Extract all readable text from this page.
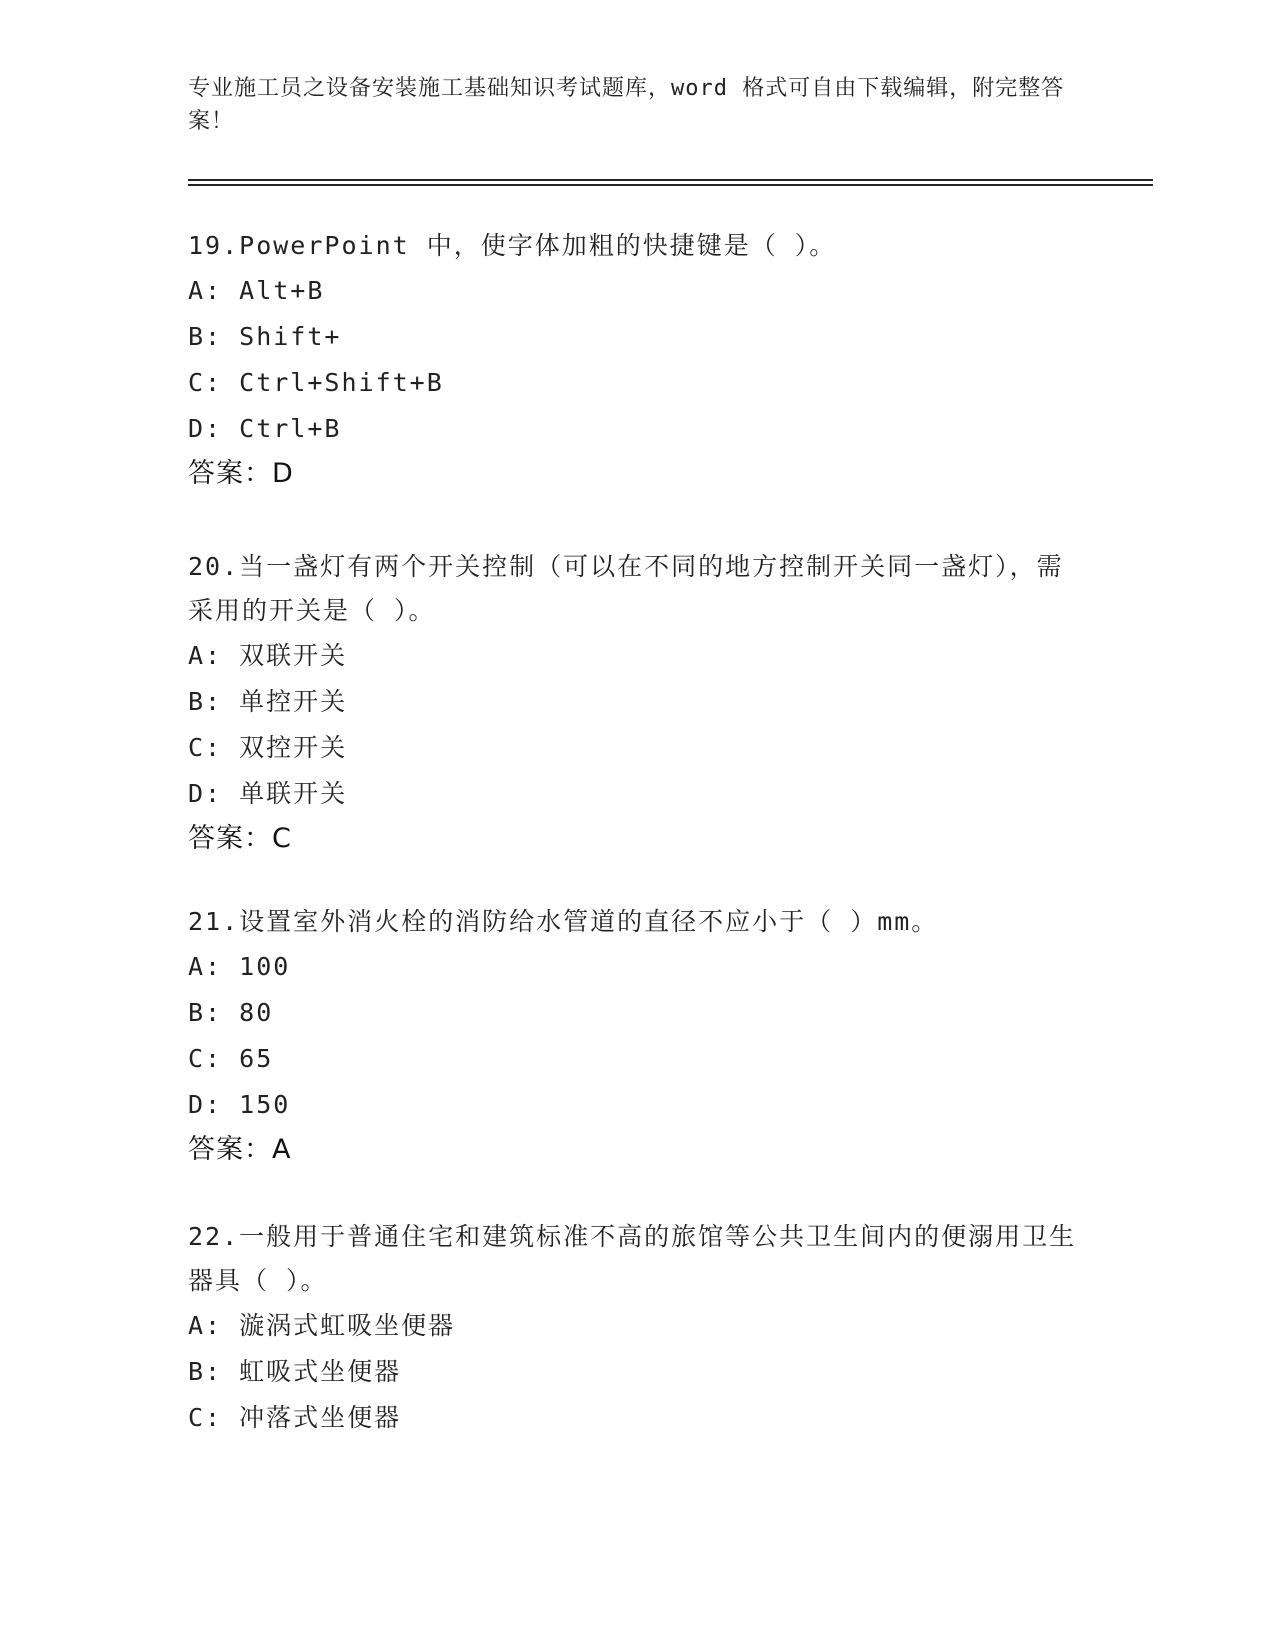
专业施工员之设备安装施工基础知识考试题库，word 格式可自由下载编辑，附完整答案！

19.PowerPoint 中，使字体加粗的快捷键是（ ）。

A: Alt+B

B: Shift+

C: Ctrl+Shift+B

D: Ctrl+B

答案：D

20.当一盏灯有两个开关控制（可以在不同的地方控制开关同一盏灯），需采用的开关是（ ）。

A: 双联开关

B: 单控开关

C: 双控开关

D: 单联开关

答案：C

21.设置室外消火栓的消防给水管道的直径不应小于（ ）mm。

A: 100

B: 80

C: 65

D: 150

答案：A

22.一般用于普通住宅和建筑标准不高的旅馆等公共卫生间内的便溺用卫生器具（ ）。

A: 漩涡式虹吸坐便器

B: 虹吸式坐便器

C: 冲落式坐便器
